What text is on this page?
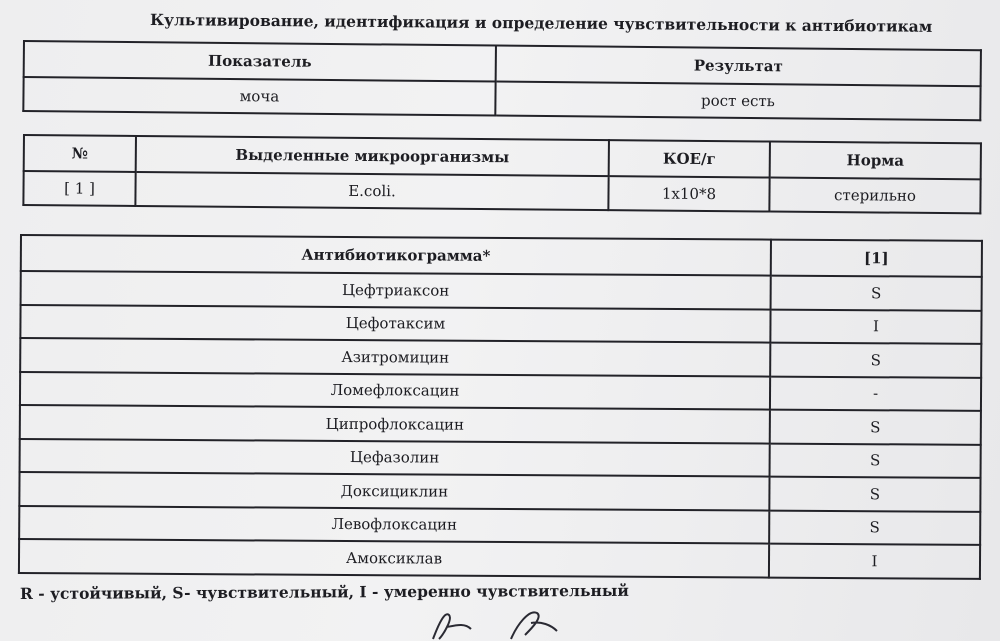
Культивирование, идентификация и определение чувствительности к антибиотикам
Показатель	Результат
моча	рост есть
№	Выделенные микроорганизмы	КОЕ/г	Норма
[ 1 ]	E.coli.	1x10*8	стерильно
Антибиотикограмма*	[1]
Цефтриаксон	S
Цефотаксим	I
Азитромицин	S
Ломефлоксацин	-
Ципрофлоксацин	S
Цефазолин	S
Доксициклин	S
Левофлоксацин	S
Амоксиклав	I
R - устойчивый, S- чувствительный, I - умеренно чувствительный
